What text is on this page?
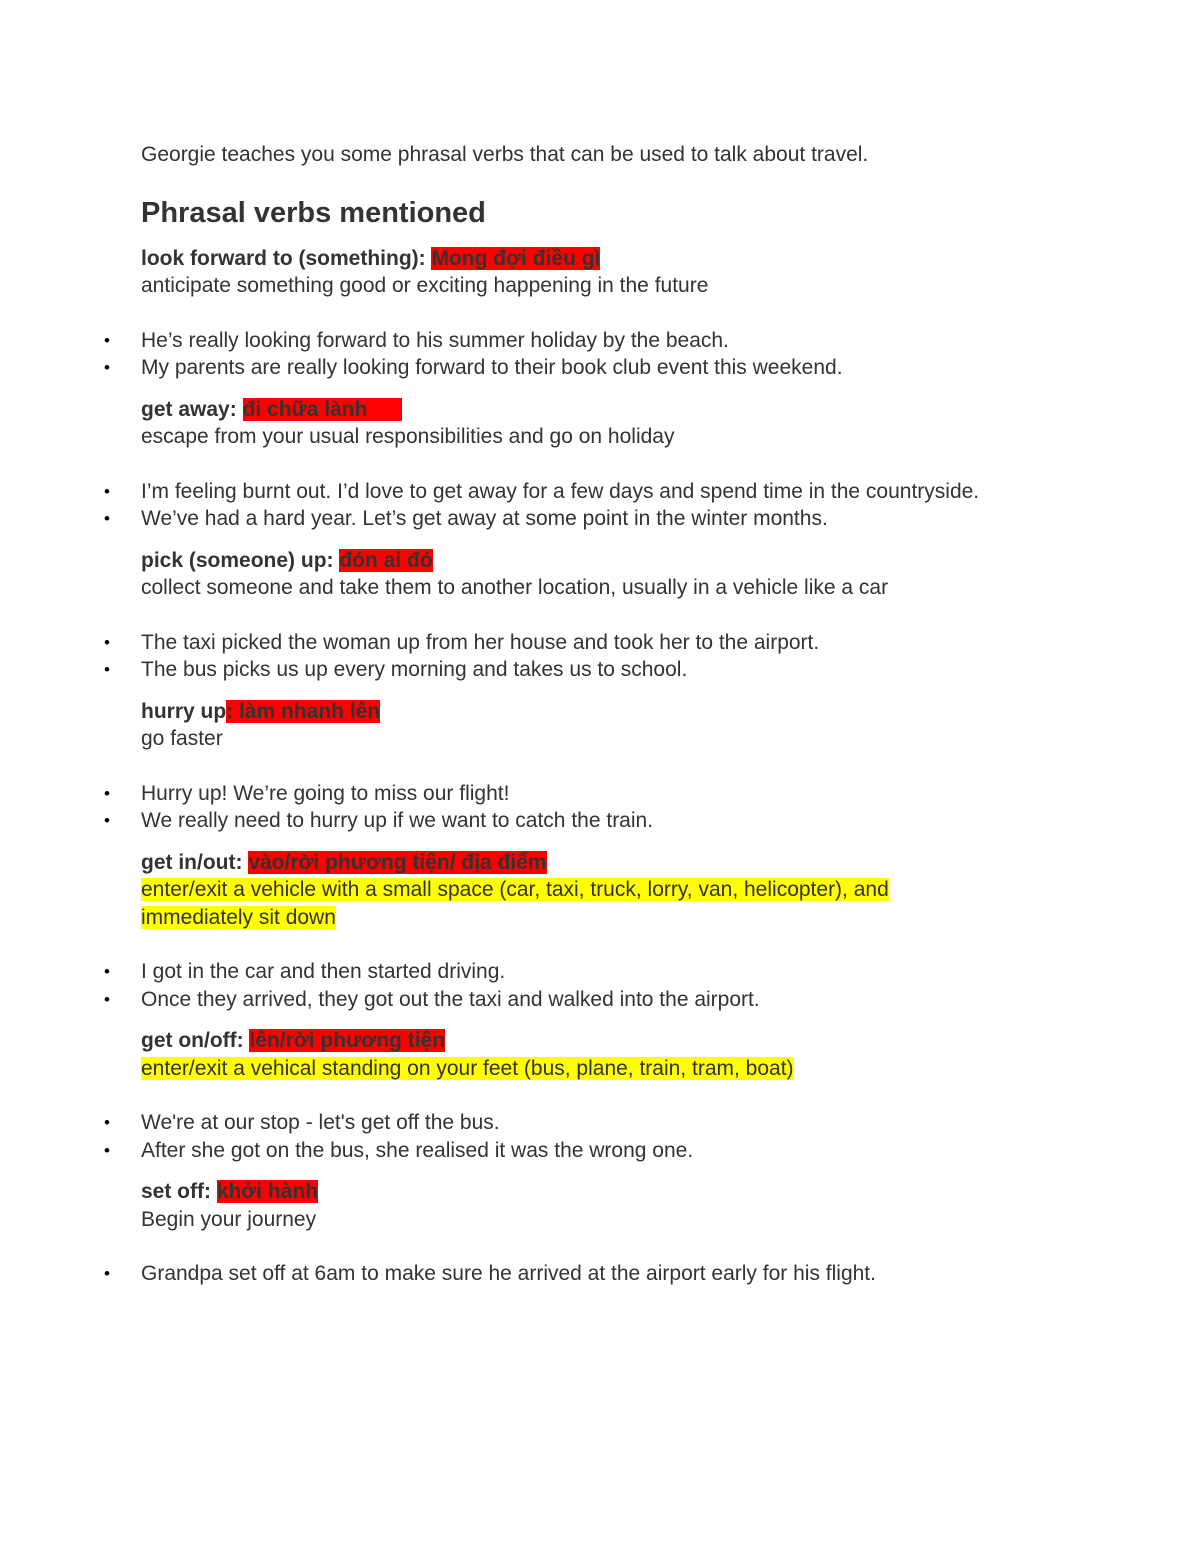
Georgie teaches you some phrasal verbs that can be used to talk about travel.

Phrasal verbs mentioned

look forward to (something): Mong đợi điều gì

anticipate something good or exciting happening in the future

• He’s really looking forward to his summer holiday by the beach.
• My parents are really looking forward to their book club event this weekend.

get away: đi chữa lành

escape from your usual responsibilities and go on holiday

• I’m feeling burnt out. I’d love to get away for a few days and spend time in the countryside.
• We’ve had a hard year. Let’s get away at some point in the winter months.

pick (someone) up: đón ai đó

collect someone and take them to another location, usually in a vehicle like a car

• The taxi picked the woman up from her house and took her to the airport.
• The bus picks us up every morning and takes us to school.

hurry up: làm nhanh lên

go faster

• Hurry up! We’re going to miss our flight!
• We really need to hurry up if we want to catch the train.

get in/out: vào/rời phương tiện/ địa điểm

enter/exit a vehicle with a small space (car, taxi, truck, lorry, van, helicopter), and immediately sit down

• I got in the car and then started driving.
• Once they arrived, they got out the taxi and walked into the airport.

get on/off: lên/rời phương tiện

enter/exit a vehical standing on your feet (bus, plane, train, tram, boat)

• We're at our stop - let's get off the bus.
• After she got on the bus, she realised it was the wrong one.

set off: khởi hành

Begin your journey

• Grandpa set off at 6am to make sure he arrived at the airport early for his flight.
